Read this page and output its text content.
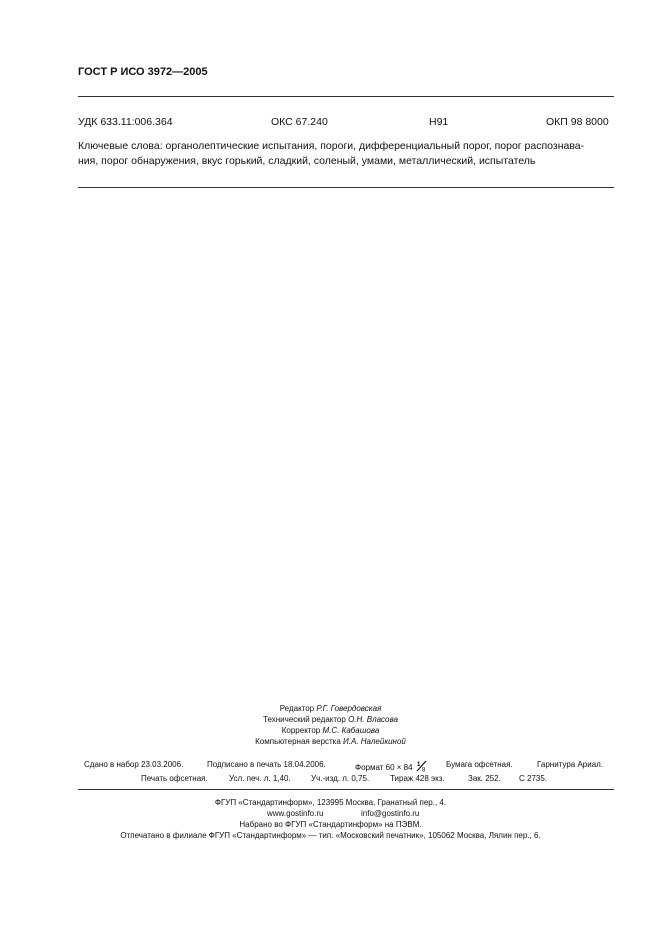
ГОСТ Р ИСО 3972—2005
УДК 633.11:006.364	ОКС 67.240	Н91	ОКП 98 8000
Ключевые слова: органолептические испытания, пороги, дифференциальный порог, порог распознава-
ния, порог обнаружения, вкус горький, сладкий, соленый, умами, металлический, испытатель
Редактор Р.Г. Говердовская
Технический редактор О.Н. Власова
Корректор М.С. Кабашова
Компьютерная верстка И.А. Налейкиной
Сдано в набор 23.03.2006.	Подписано в печать 18.04.2006.	Формат 60 × 84 1
8
Бумага офсетная.	Гарнитура Ариал.
Печать офсетная.	Усл. печ. л. 1,40.	Уч.-изд. л. 0,75.	Тираж 428 экз.	Зак. 252. С 2735.
ФГУП «Стандартинформ», 123995 Москва, Гранатный пер., 4.
www.gostinfo.ru	info@gostinfo.ru
Набрано во ФГУП «Стандартинформ» на ПЭВМ.
Отпечатано в филиале ФГУП «Стандартинформ» — тип. «Московский печатник», 105062 Москва, Лялин пер., 6.
